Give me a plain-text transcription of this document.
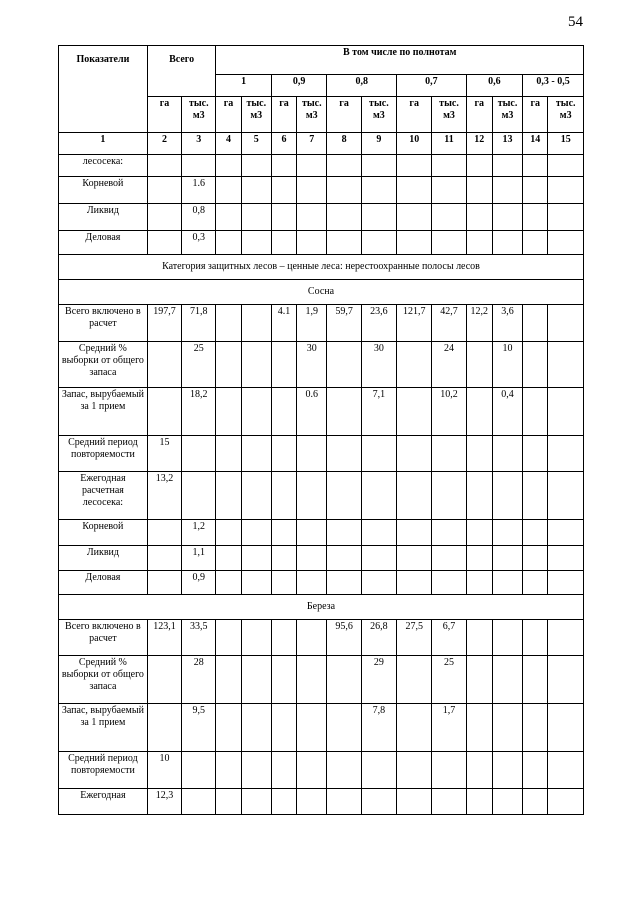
54
Показатели	Всего		В том числе по полнотам											
			1		0,9		0,8		0,7		0,6		0,3 - 0,5	
	га	тыс. м3	га	тыс. м3	га	тыс. м3	га	тыс. м3	га	тыс. м3	га	тыс. м3	га	тыс. м3
1	2	3	4	5	6	7	8	9	10	11	12	13	14	15
лесосека:														
Корневой		1.6												
Ликвид		0,8												
Деловая		0,3												
Категория защитных лесов – ценные леса: нерестоохранные полосы лесов														
Сосна														
Всего включено в расчет	197,7	71,8			4.1	1,9	59,7	23,6	121,7	42,7	12,2	3,6		
Средний % выборки от общего запаса		25				30		30		24		10		
Запас, вырубаемый за 1 прием		18,2				0.6		7,1		10,2		0,4		
Средний период повторяемости	15													
Ежегодная расчетная лесосека:	13,2													
Корневой		1,2												
Ликвид		1,1												
Деловая		0,9												
Береза														
Всего включено в расчет	123,1	33,5					95,6	26,8	27,5	6,7				
Средний % выборки от общего запаса		28						29		25				
Запас, вырубаемый за 1 прием		9,5						7,8		1,7				
Средний период повторяемости	10													
Ежегодная	12,3													
